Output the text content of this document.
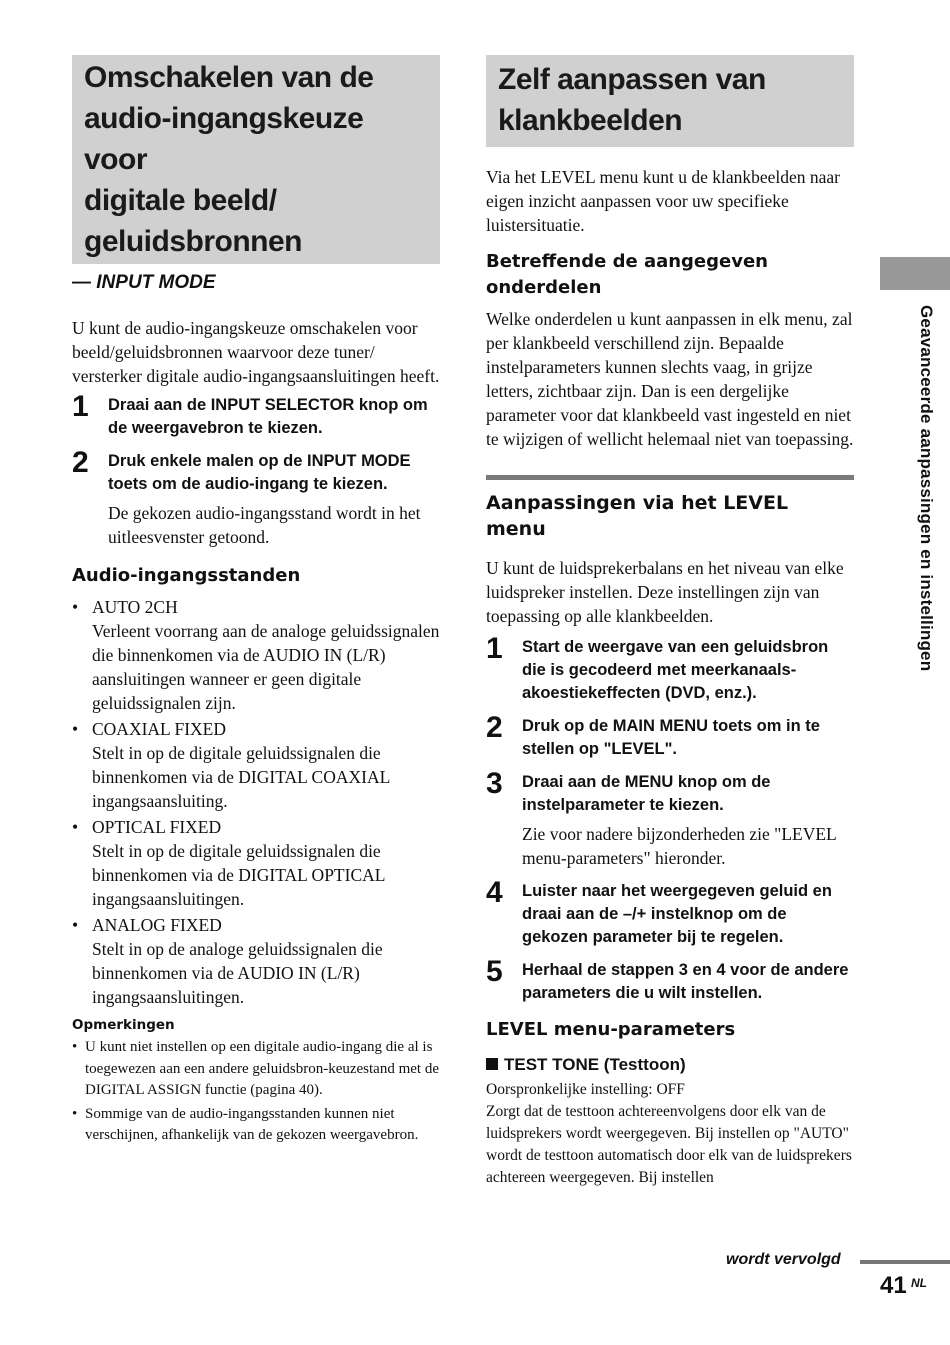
Omschakelen van de
audio-ingangskeuze voor
digitale beeld/
geluidsbronnen
— INPUT MODE

U kunt de audio-ingangskeuze omschakelen voor beeld/geluidsbronnen waarvoor deze tuner/ versterker digitale audio-ingangsaansluitingen heeft.

1 Draai aan de INPUT SELECTOR knop om de weergavebron te kiezen.
2 Druk enkele malen op de INPUT MODE toets om de audio-ingang te kiezen.
De gekozen audio-ingangsstand wordt in het uitleesvenster getoond.
Audio-ingangsstanden
• AUTO 2CH
Verleent voorrang aan de analoge geluidssignalen die binnenkomen via de AUDIO IN (L/R) aansluitingen wanneer er geen digitale geluidssignalen zijn.
• COAXIAL FIXED
Stelt in op de digitale geluidssignalen die binnenkomen via de DIGITAL COAXIAL ingangsaansluiting.
• OPTICAL FIXED
Stelt in op de digitale geluidssignalen die binnenkomen via de DIGITAL OPTICAL ingangsaansluitingen.
• ANALOG FIXED
Stelt in op de analoge geluidssignalen die binnenkomen via de AUDIO IN (L/R) ingangsaansluitingen.
Opmerkingen
• U kunt niet instellen op een digitale audio-ingang die al is toegewezen aan een andere geluidsbron-keuzestand met de DIGITAL ASSIGN functie (pagina 40).
• Sommige van de audio-ingangsstanden kunnen niet verschijnen, afhankelijk van de gekozen weergavebron.
Zelf aanpassen van
klankbeelden

Via het LEVEL menu kunt u de klankbeelden naar eigen inzicht aanpassen voor uw specifieke luistersituatie.

Betreffende de aangegeven onderdelen

Welke onderdelen u kunt aanpassen in elk menu, zal per klankbeeld verschillend zijn. Bepaalde instelparameters kunnen slechts vaag, in grijze letters, zichtbaar zijn. Dan is een dergelijke parameter voor dat klankbeeld vast ingesteld en niet te wijzigen of wellicht helemaal niet van toepassing.

Aanpassingen via het LEVEL menu

U kunt de luidsprekerbalans en het niveau van elke luidspreker instellen. Deze instellingen zijn van toepassing op alle klankbeelden.

1 Start de weergave van een geluidsbron die is gecodeerd met meerkanaals-akoestiekeffecten (DVD, enz.).
2 Druk op de MAIN MENU toets om in te stellen op "LEVEL".
3 Draai aan de MENU knop om de instelparameter te kiezen.
Zie voor nadere bijzonderheden zie "LEVEL menu-parameters" hieronder.
4 Luister naar het weergegeven geluid en draai aan de –/+ instelknop om de gekozen parameter bij te regelen.
5 Herhaal de stappen 3 en 4 voor de andere parameters die u wilt instellen.
LEVEL menu-parameters
TEST TONE (Testtoon)

Oorspronkelijke instelling: OFF

Zorgt dat de testtoon achtereenvolgens door elk van de luidsprekers wordt weergegeven. Bij instellen op "AUTO" wordt de testtoon automatisch door elk van de luidsprekers achtereen weergegeven. Bij instellen

Geavanceerde aanpassingen en instellingen
wordt vervolgd
41 NL
